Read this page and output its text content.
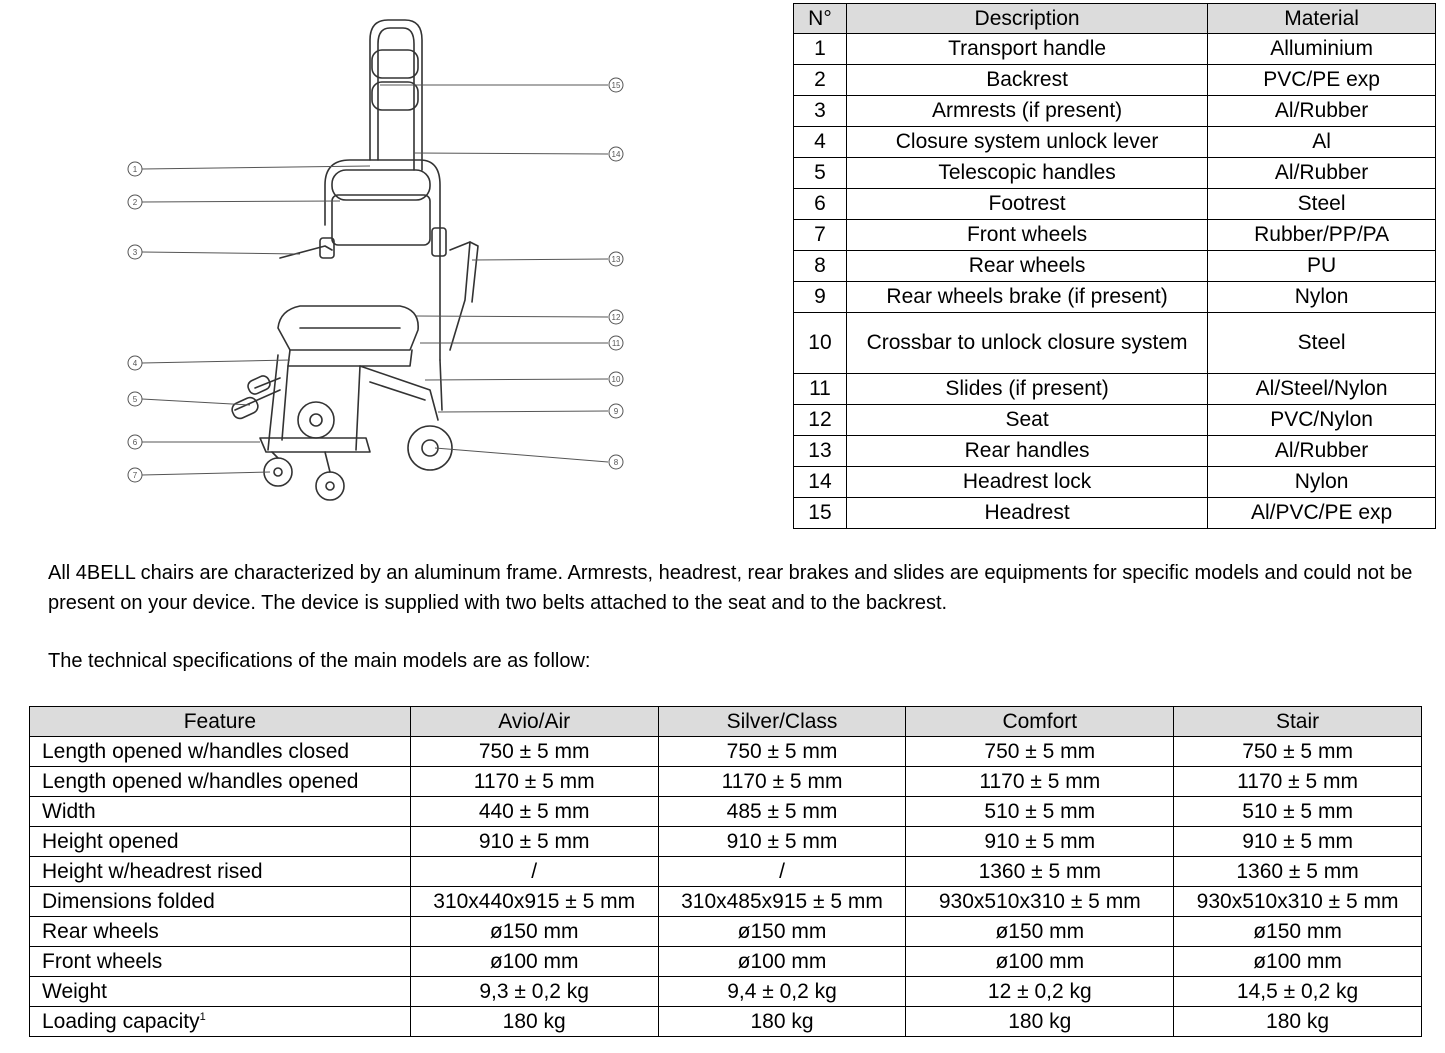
1
2
3
4
5
6
7
15
14
13
12
11
10
9
8
N°	Description	Material
1	Transport handle	Alluminium
2	Backrest	PVC/PE exp
3	Armrests (if present)	Al/Rubber
4	Closure system unlock lever	Al
5	Telescopic handles	Al/Rubber
6	Footrest	Steel
7	Front wheels	Rubber/PP/PA
8	Rear wheels	PU
9	Rear wheels brake (if present)	Nylon
10	Crossbar to unlock closure system	Steel
11	Slides (if present)	Al/Steel/Nylon
12	Seat	PVC/Nylon
13	Rear handles	Al/Rubber
14	Headrest lock	Nylon
15	Headrest	Al/PVC/PE exp
All 4BELL chairs are characterized by an aluminum frame. Armrests, headrest, rear brakes and slides are equipments for specific models and could not be present on your device. The device is supplied with two belts attached to the seat and to the backrest.
The technical specifications of the main models are as follow:
Feature	Avio/Air	Silver/Class	Comfort	Stair
Length opened w/handles closed	750 ± 5 mm	750 ± 5 mm	750 ± 5 mm	750 ± 5 mm
Length opened w/handles opened	1170 ± 5 mm	1170 ± 5 mm	1170 ± 5 mm	1170 ± 5 mm
Width	440 ± 5 mm	485 ± 5 mm	510 ± 5 mm	510 ± 5 mm
Height opened	910 ± 5 mm	910 ± 5 mm	910 ± 5 mm	910 ± 5 mm
Height w/headrest rised	/	/	1360 ± 5 mm	1360 ± 5 mm
Dimensions folded	310x440x915 ± 5 mm	310x485x915 ± 5 mm	930x510x310 ± 5 mm	930x510x310 ± 5 mm
Rear wheels	ø150 mm	ø150 mm	ø150 mm	ø150 mm
Front wheels	ø100 mm	ø100 mm	ø100 mm	ø100 mm
Weight	9,3 ± 0,2 kg	9,4 ± 0,2 kg	12 ± 0,2 kg	14,5 ± 0,2 kg
Loading capacity$^1$	180 kg	180 kg	180 kg	180 kg
